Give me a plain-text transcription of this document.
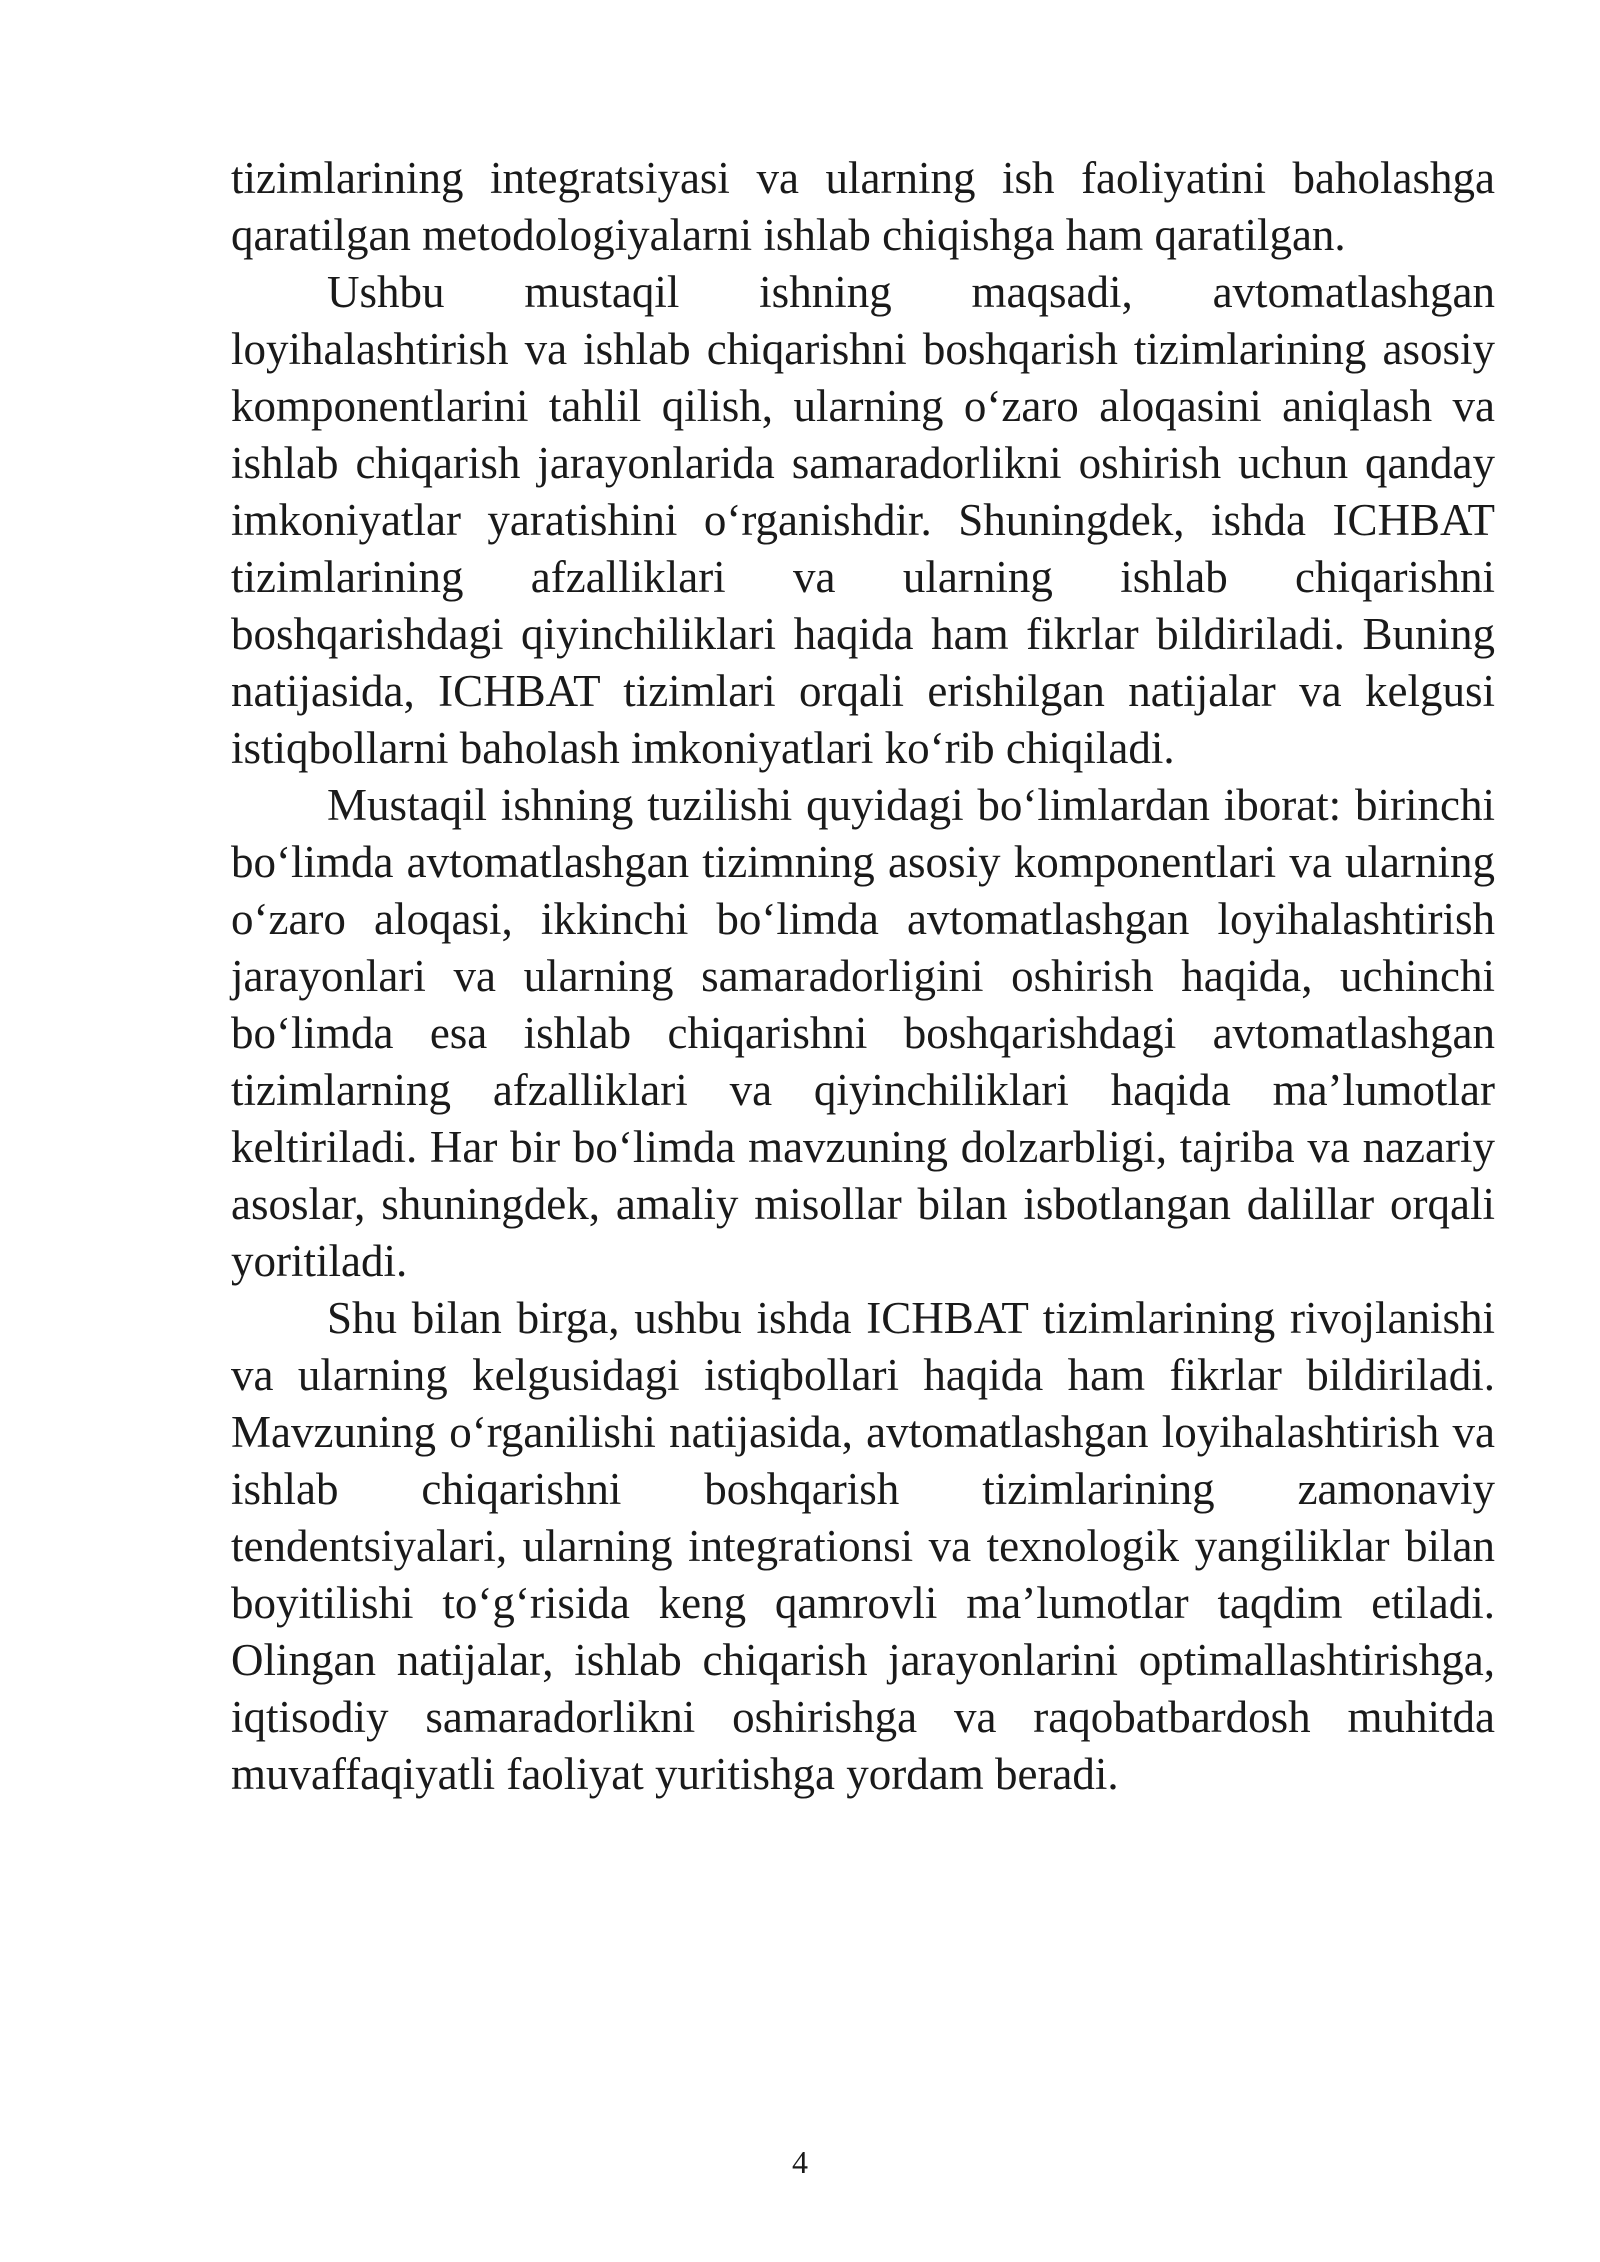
tizimlarining integratsiyasi va ularning ish faoliyatini baholashga qaratilgan metodologiyalarni ishlab chiqishga ham qaratilgan.

Ushbu mustaqil ishning maqsadi, avtomatlashgan loyihalashtirish va ishlab chiqarishni boshqarish tizimlarining asosiy komponentlarini tahlil qilish, ularning o‘zaro aloqasini aniqlash va ishlab chiqarish jarayonlarida samaradorlikni oshirish uchun qanday imkoniyatlar yaratishini o‘rganishdir. Shuningdek, ishda ICHBAT tizimlarining afzalliklari va ularning ishlab chiqarishni boshqarishdagi qiyinchiliklari haqida ham fikrlar bildiriladi. Buning natijasida, ICHBAT tizimlari orqali erishilgan natijalar va kelgusi istiqbollarni baholash imkoniyatlari ko‘rib chiqiladi.

Mustaqil ishning tuzilishi quyidagi bo‘limlardan iborat: birinchi bo‘limda avtomatlashgan tizimning asosiy komponentlari va ularning o‘zaro aloqasi, ikkinchi bo‘limda avtomatlashgan loyihalashtirish jarayonlari va ularning samaradorligini oshirish haqida, uchinchi bo‘limda esa ishlab chiqarishni boshqarishdagi avtomatlashgan tizimlarning afzalliklari va qiyinchiliklari haqida ma’lumotlar keltiriladi. Har bir bo‘limda mavzuning dolzarbligi, tajriba va nazariy asoslar, shuningdek, amaliy misollar bilan isbotlangan dalillar orqali yoritiladi.

Shu bilan birga, ushbu ishda ICHBAT tizimlarining rivojlanishi va ularning kelgusidagi istiqbollari haqida ham fikrlar bildiriladi. Mavzuning o‘rganilishi natijasida, avtomatlashgan loyihalashtirish va ishlab chiqarishni boshqarish tizimlarining zamonaviy tendentsiyalari, ularning integrationsi va texnologik yangiliklar bilan boyitilishi to‘g‘risida keng qamrovli ma’lumotlar taqdim etiladi. Olingan natijalar, ishlab chiqarish jarayonlarini optimallashtirishga, iqtisodiy samaradorlikni oshirishga va raqobatbardosh muhitda muvaffaqiyatli faoliyat yuritishga yordam beradi.

4
